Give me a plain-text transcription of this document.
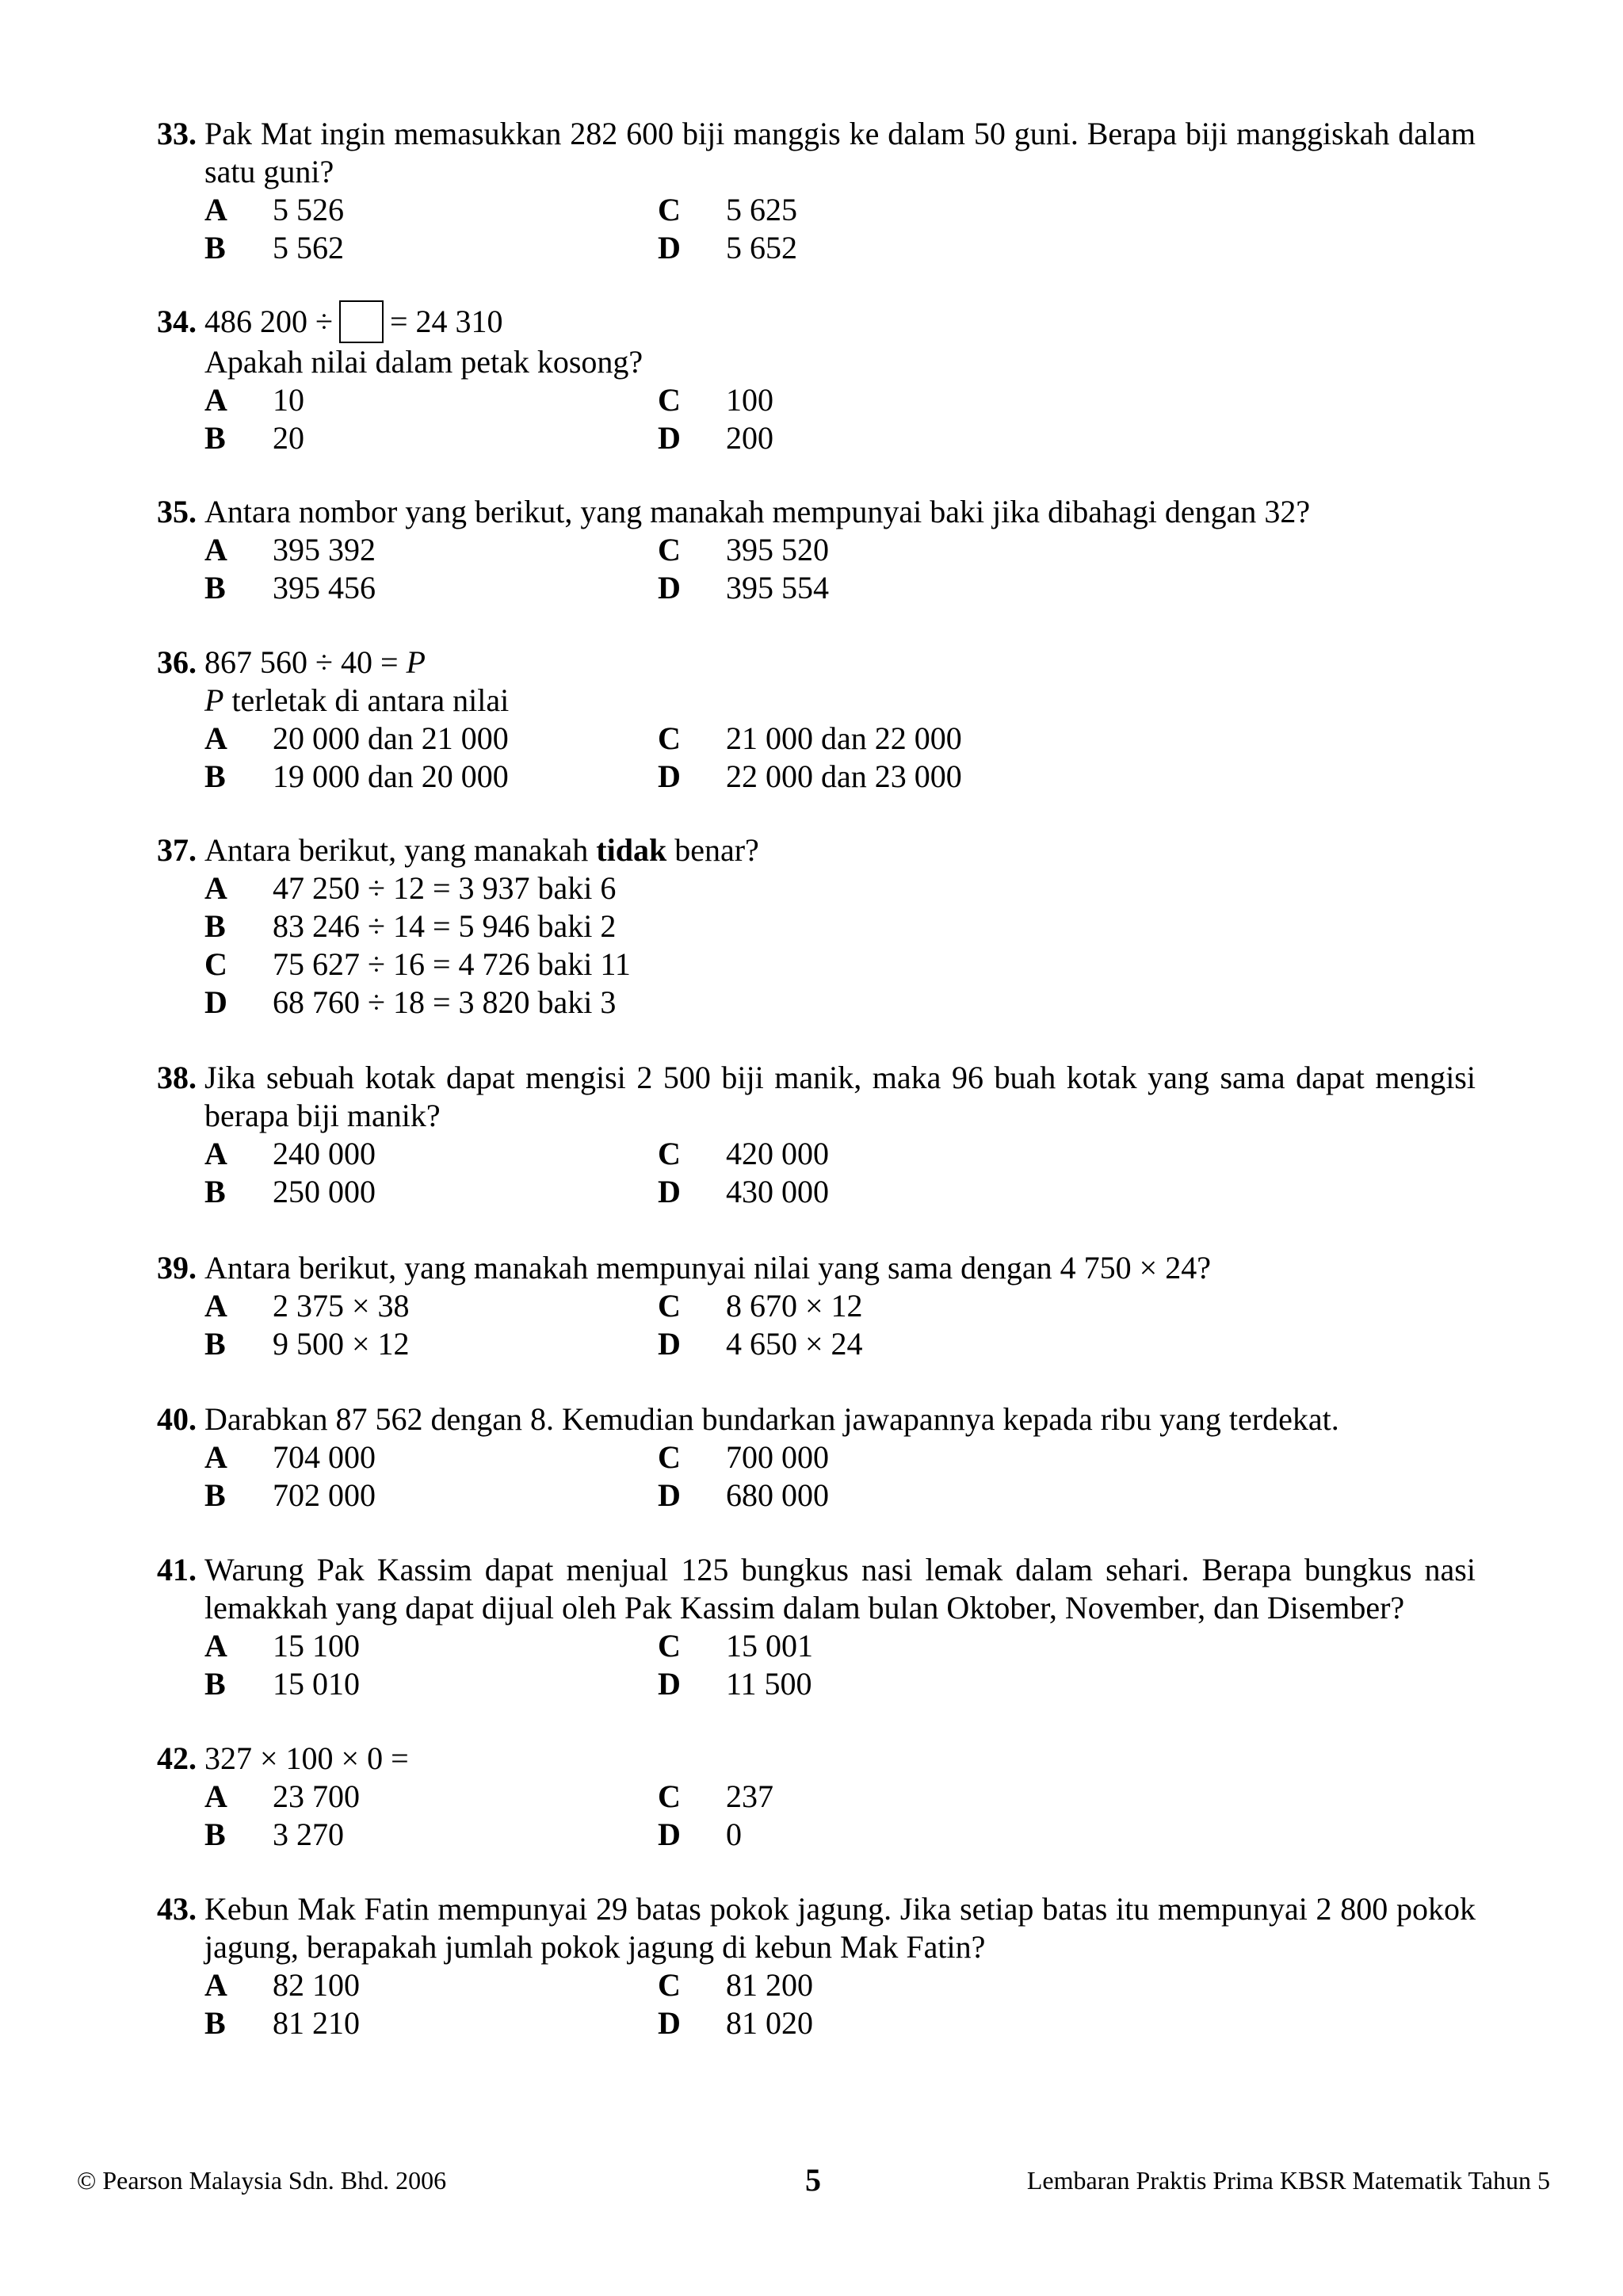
33. Pak Mat ingin memasukkan 282 600 biji manggis ke dalam 50 guni. Berapa biji manggiskah dalam satu guni?
A	5 526	C	5 625
B	5 562	D	5 652
34. 486 200 ÷ = 24 310
Apakah nilai dalam petak kosong?
A	10	C	100
B	20	D	200
35. Antara nombor yang berikut, yang manakah mempunyai baki jika dibahagi dengan 32?
A	395 392	C	395 520
B	395 456	D	395 554
36. 867 560 ÷ 40 = P
P terletak di antara nilai
A	20 000 dan 21 000	C	21 000 dan 22 000
B	19 000 dan 20 000	D	22 000 dan 23 000
37. Antara berikut, yang manakah tidak benar?
A	47 250 ÷ 12 = 3 937 baki 6
B	83 246 ÷ 14 = 5 946 baki 2
C	75 627 ÷ 16 = 4 726 baki 11
D	68 760 ÷ 18 = 3 820 baki 3
38. Jika sebuah kotak dapat mengisi 2 500 biji manik, maka 96 buah kotak yang sama dapat mengisi berapa biji manik?
A	240 000	C	420 000
B	250 000	D	430 000
39. Antara berikut, yang manakah mempunyai nilai yang sama dengan 4 750 × 24?
A	2 375 × 38	C	8 670 × 12
B	9 500 × 12	D	4 650 × 24
40. Darabkan 87 562 dengan 8. Kemudian bundarkan jawapannya kepada ribu yang terdekat.
A	704 000	C	700 000
B	702 000	D	680 000
41. Warung Pak Kassim dapat menjual 125 bungkus nasi lemak dalam sehari. Berapa bungkus nasi lemakkah yang dapat dijual oleh Pak Kassim dalam bulan Oktober, November, dan Disember?
A	15 100	C	15 001
B	15 010	D	11 500
42. 327 × 100 × 0 =
A	23 700	C	237
B	3 270	D	0
43. Kebun Mak Fatin mempunyai 29 batas pokok jagung. Jika setiap batas itu mempunyai 2 800 pokok jagung, berapakah jumlah pokok jagung di kebun Mak Fatin?
A	82 100	C	81 200
B	81 210	D	81 020
© Pearson Malaysia Sdn. Bhd. 2006	5	Lembaran Praktis Prima KBSR Matematik Tahun 5
